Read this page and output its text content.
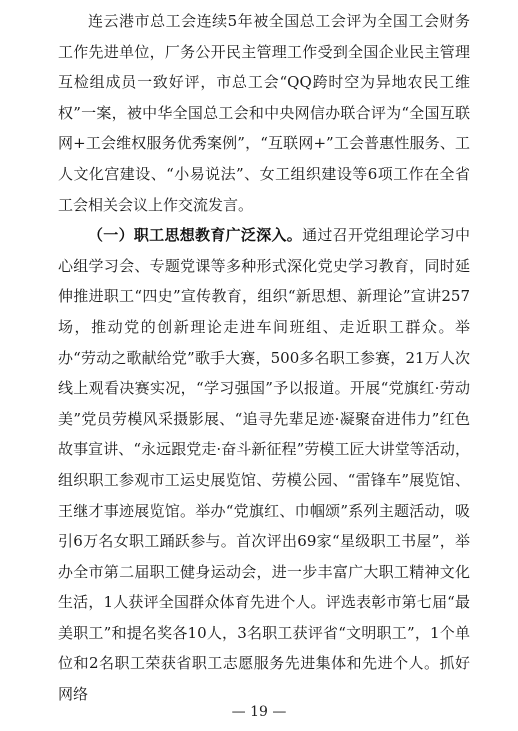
连云港市总工会连续5年被全国总工会评为全国工会财务工作先进单位，厂务公开民主管理工作受到全国企业民主管理互检组成员一致好评，市总工会“QQ跨时空为异地农民工维权”一案，被中华全国总工会和中央网信办联合评为“全国互联网+工会维权服务优秀案例”，“互联网+”工会普惠性服务、工人文化宫建设、“小易说法”、女工组织建设等6项工作在全省工会相关会议上作交流发言。

（一）职工思想教育广泛深入。通过召开党组理论学习中心组学习会、专题党课等多种形式深化党史学习教育，同时延伸推进职工“四史”宣传教育，组织“新思想、新理论”宣讲257场，推动党的创新理论走进车间班组、走近职工群众。举办“劳动之歌献给党”歌手大赛，500多名职工参赛，21万人次线上观看决赛实况，“学习强国”予以报道。开展“党旗红·劳动美”党员劳模风采摄影展、“追寻先辈足迹·凝聚奋进伟力”红色故事宣讲、“永远跟党走·奋斗新征程”劳模工匠大讲堂等活动，组织职工参观市工运史展览馆、劳模公园、“雷锋车”展览馆、王继才事迹展览馆。举办“党旗红、巾帼颂”系列主题活动，吸引6万名女职工踊跃参与。首次评出69家“星级职工书屋”，举办全市第二届职工健身运动会，进一步丰富广大职工精神文化生活，1人获评全国群众体育先进个人。评选表彰市第七届“最美职工”和提名奖各10人，3名职工获评省“文明职工”，1个单位和2名职工荣获省职工志愿服务先进集体和先进个人。抓好网络

— 19 —
